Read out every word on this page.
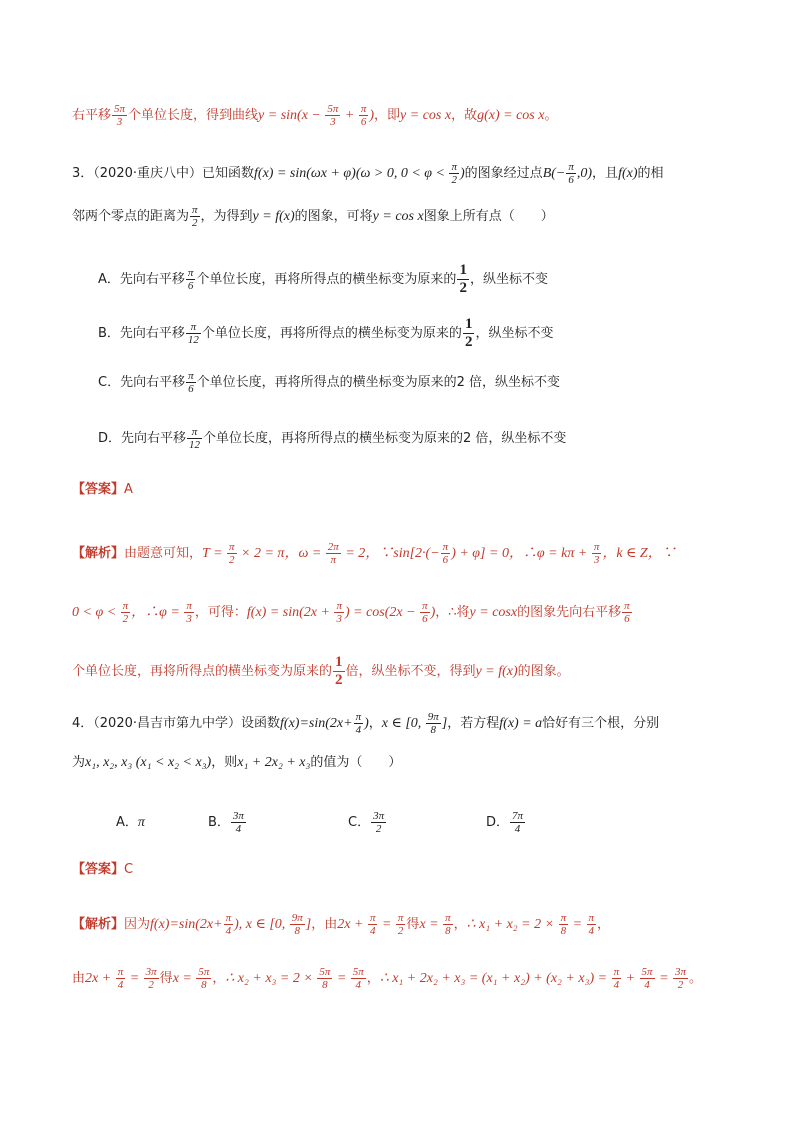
右平移 $\frac{5\pi}{3}$ 个单位长度，得到曲线$y = \sin(x - \frac{5\pi}{3} + \frac{\pi}{6}$ )，即y = cos x，故g(x) = cos x。
3．（2020·重庆八中）已知函数f(x) = sin(ωx + φ)(ω > 0, $0 < \varphi < \frac{\pi}{2}$ )的图象经过点$B(- \frac{\pi}{6} ,0)$，且f(x)的相
邻两个零点的距离为 $\frac{\pi}{2}$ ，为得到y = f(x)的图象，可将y = cos x图象上所有点（　　）
A．先向右平移 $\frac{\pi}{6}$ 个单位长度，再将所得点的横坐标变为原来的 $\frac{1}{2}$ ，纵坐标不变
B．先向右平移 $\frac{\pi}{12}$ 个单位长度，再将所得点的横坐标变为原来的 $\frac{1}{2}$ ，纵坐标不变
C．先向右平移 $\frac{\pi}{6}$ 个单位长度，再将所得点的横坐标变为原来的2 倍，纵坐标不变
D．先向右平移 $\frac{\pi}{12}$ 个单位长度，再将所得点的横坐标变为原来的2 倍，纵坐标不变
【答案】A
【解析】由题意可知，$T = \frac{\pi}{2} \times 2 = \pi$，$\omega = \frac{2\pi}{\pi} = 2$，∵sin[2·(− $\frac{\pi}{6}$ ) + φ] = 0，∴φ = $k\pi + \frac{\pi}{3}$ ，k ∈ Z，∵
$0 < \varphi < \frac{\pi}{2}$ ，∴φ = $\frac{\pi}{3}$ ，可得：$f(x) = \sin(2x + \frac{\pi}{3}$ ) = $\cos(2x - \frac{\pi}{6}$ )，∴将y = cosx的图象先向右平移 $\frac{\pi}{6}$
个单位长度，再将所得点的横坐标变为原来的 $\frac{1}{2}$ 倍，纵坐标不变，得到y = f(x)的图象。
4．（2020·昌吉市第九中学）设函数$f(x)=\sin(2x+ \frac{\pi}{4}$ )，x ∈ [0, $\frac{9\pi}{8}$ ]，若方程f(x) = a恰好有三个根，分别
为x₁, x₂, x₃ (x₁ < x₂ < x₃)，则x₁ + 2x₂ + x₃的值为（　　）
A．π	B． $\frac{3\pi}{4}$	C． $\frac{3\pi}{2}$	D． $\frac{7\pi}{4}$
【答案】C
【解析】因为$f(x)=\sin(2x+ \frac{\pi}{4}$ ), x ∈ [0, $\frac{9\pi}{8}$ ]，由$2x + \frac{\pi}{4} = \frac{\pi}{2}$ 得$x = \frac{\pi}{8}$ ，∴ $x_1 + x_2 = 2 \times \frac{\pi}{8} = \frac{\pi}{4}$ ，
由$2x + \frac{\pi}{4} = \frac{3\pi}{2}$ 得$x = \frac{5\pi}{8}$ ，∴ $x_2 + x_3 = 2 \times \frac{5\pi}{8} = \frac{5\pi}{4}$ ，∴ $x_1 + 2x_2 + x_3 = (x_1 + x_2) + (x_2 + x_3) = \frac{\pi}{4} + \frac{5\pi}{4} = \frac{3\pi}{2}$ 。
